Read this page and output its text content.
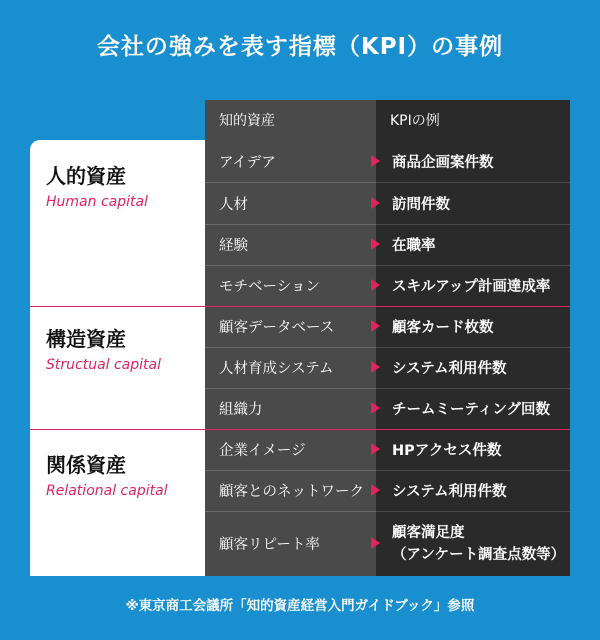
会社の強みを表す指標（KPI）の事例
知的資産	KPIの例
人的資産
Human capital
構造資産
Structual capital
関係資産
Relational capital
アイデア
人材
経験
モチベーション
顧客データベース
人材育成システム
組織力
企業イメージ
顧客とのネットワーク
顧客リピート率
商品企画案件数
訪問件数
在職率
スキルアップ計画達成率
顧客カード枚数
システム利用件数
チームミーティング回数
HPアクセス件数
システム利用件数
顧客満足度
（アンケート調査点数等）
※東京商工会議所「知的資産経営入門ガイドブック」参照
